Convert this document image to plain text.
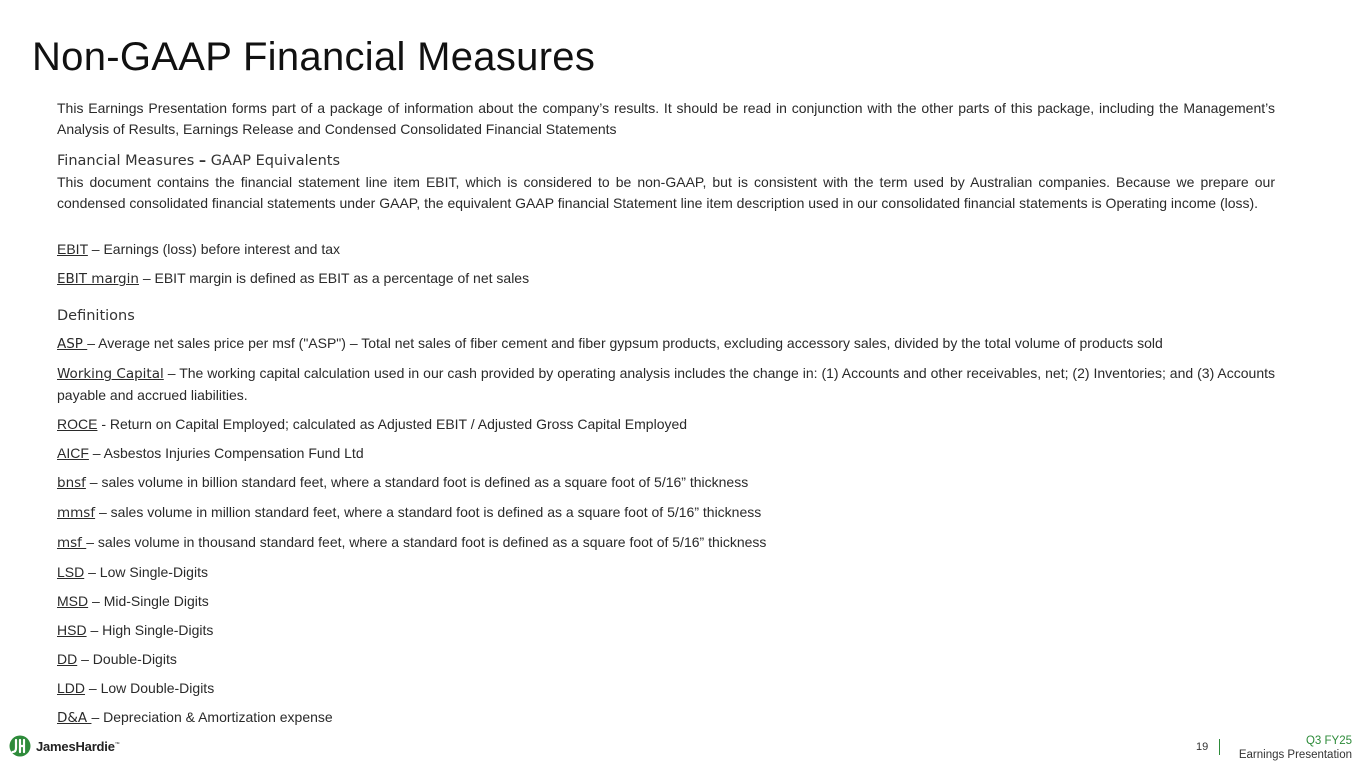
Non-GAAP Financial Measures

This Earnings Presentation forms part of a package of information about the company’s results. It should be read in conjunction with the other parts of this package, including the Management’s Analysis of Results, Earnings Release and Condensed Consolidated Financial Statements

Financial Measures – GAAP Equivalents

This document contains the financial statement line item EBIT, which is considered to be non-GAAP, but is consistent with the term used by Australian companies. Because we prepare our condensed consolidated financial statements under GAAP, the equivalent GAAP financial Statement line item description used in our consolidated financial statements is Operating income (loss).

EBIT – Earnings (loss) before interest and tax

EBIT margin – EBIT margin is defined as EBIT as a percentage of net sales

Definitions

ASP – Average net sales price per msf ("ASP") – Total net sales of fiber cement and fiber gypsum products, excluding accessory sales, divided by the total volume of products sold

Working Capital – The working capital calculation used in our cash provided by operating analysis includes the change in: (1) Accounts and other receivables, net; (2) Inventories; and (3) Accounts payable and accrued liabilities.

ROCE - Return on Capital Employed; calculated as Adjusted EBIT / Adjusted Gross Capital Employed

AICF – Asbestos Injuries Compensation Fund Ltd

bnsf – sales volume in billion standard feet, where a standard foot is defined as a square foot of 5/16” thickness

mmsf – sales volume in million standard feet, where a standard foot is defined as a square foot of 5/16” thickness

msf – sales volume in thousand standard feet, where a standard foot is defined as a square foot of 5/16” thickness

LSD – Low Single-Digits

MSD – Mid-Single Digits

HSD – High Single-Digits

DD – Double-Digits

LDD – Low Double-Digits

D&A – Depreciation & Amortization expense

JamesHardie™	19	Q3 FY25
Earnings Presentation
